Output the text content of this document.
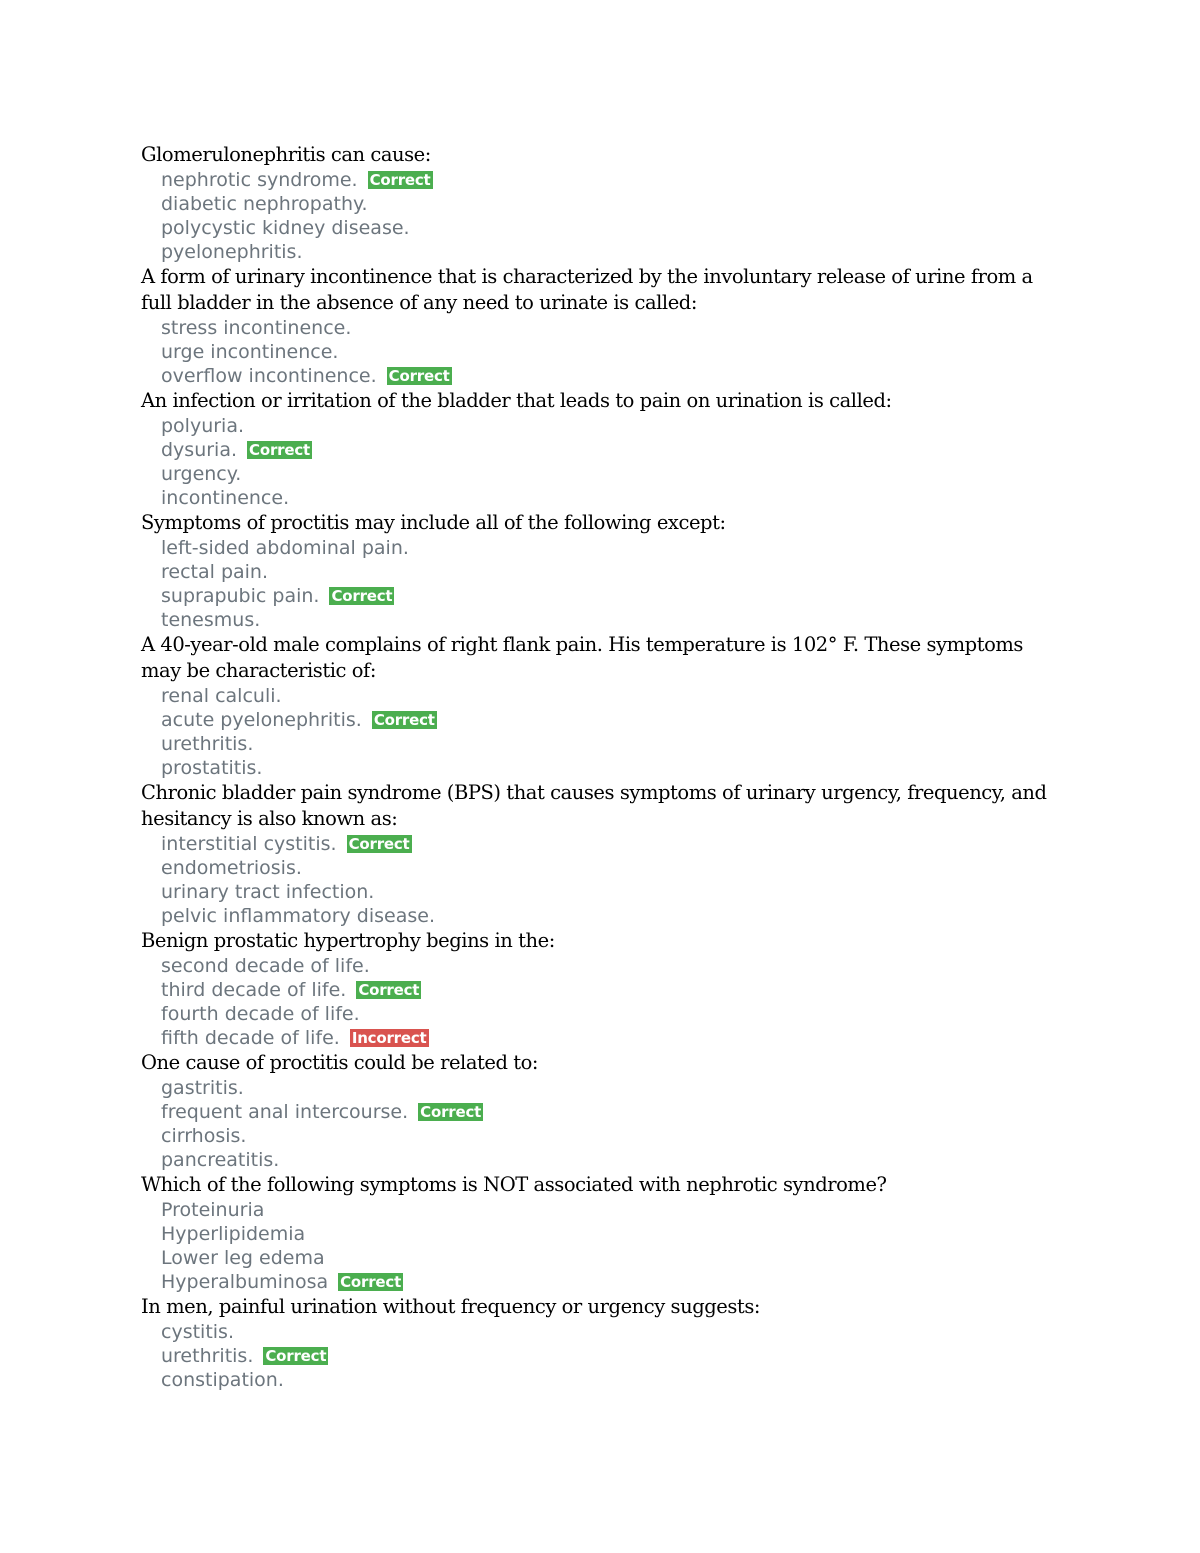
Glomerulonephritis can cause:
nephrotic syndrome. Correct
diabetic nephropathy.
polycystic kidney disease.
pyelonephritis.
A form of urinary incontinence that is characterized by the involuntary release of urine from a full bladder in the absence of any need to urinate is called:
stress incontinence.
urge incontinence.
overflow incontinence. Correct
An infection or irritation of the bladder that leads to pain on urination is called:
polyuria.
dysuria. Correct
urgency.
incontinence.
Symptoms of proctitis may include all of the following except:
left-sided abdominal pain.
rectal pain.
suprapubic pain. Correct
tenesmus.
A 40-year-old male complains of right flank pain. His temperature is 102° F. These symptoms may be characteristic of:
renal calculi.
acute pyelonephritis. Correct
urethritis.
prostatitis.
Chronic bladder pain syndrome (BPS) that causes symptoms of urinary urgency, frequency, and hesitancy is also known as:
interstitial cystitis. Correct
endometriosis.
urinary tract infection.
pelvic inflammatory disease.
Benign prostatic hypertrophy begins in the:
second decade of life.
third decade of life. Correct
fourth decade of life.
fifth decade of life. Incorrect
One cause of proctitis could be related to:
gastritis.
frequent anal intercourse. Correct
cirrhosis.
pancreatitis.
Which of the following symptoms is NOT associated with nephrotic syndrome?
Proteinuria
Hyperlipidemia
Lower leg edema
Hyperalbuminosa Correct
In men, painful urination without frequency or urgency suggests:
cystitis.
urethritis. Correct
constipation.
